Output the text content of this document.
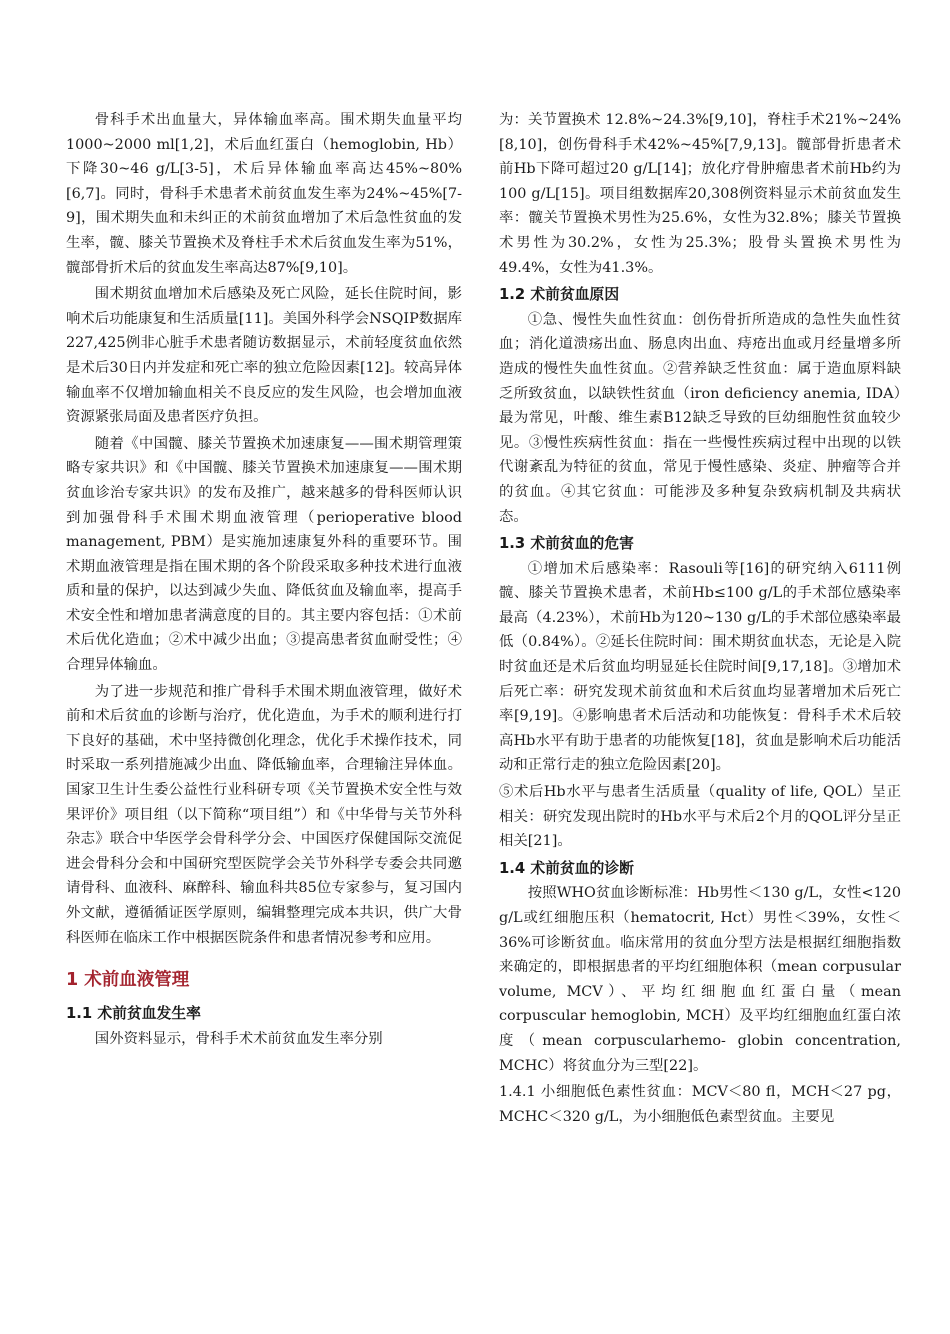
骨科手术出血量大，异体输血率高。围术期失血量平均1000~2000 ml[1,2]，术后血红蛋白（hemoglobin, Hb）下降30~46 g/L[3-5]，术后异体输血率高达45%~80%[6,7]。同时，骨科手术患者术前贫血发生率为24%~45%[7-9]，围术期失血和未纠正的术前贫血增加了术后急性贫血的发生率，髋、膝关节置换术及脊柱手术术后贫血发生率为51%，髋部骨折术后的贫血发生率高达87%[9,10]。

围术期贫血增加术后感染及死亡风险，延长住院时间，影响术后功能康复和生活质量[11]。美国外科学会NSQIP数据库227,425例非心脏手术患者随访数据显示，术前轻度贫血依然是术后30日内并发症和死亡率的独立危险因素[12]。较高异体输血率不仅增加输血相关不良反应的发生风险，也会增加血液资源紧张局面及患者医疗负担。

随着《中国髋、膝关节置换术加速康复——围术期管理策略专家共识》和《中国髋、膝关节置换术加速康复——围术期贫血诊治专家共识》的发布及推广，越来越多的骨科医师认识到加强骨科手术围术期血液管理（perioperative blood management, PBM）是实施加速康复外科的重要环节。围术期血液管理是指在围术期的各个阶段采取多种技术进行血液质和量的保护，以达到减少失血、降低贫血及输血率，提高手术安全性和增加患者满意度的目的。其主要内容包括：①术前术后优化造血；②术中减少出血；③提高患者贫血耐受性；④合理异体输血。

为了进一步规范和推广骨科手术围术期血液管理，做好术前和术后贫血的诊断与治疗，优化造血，为手术的顺利进行打下良好的基础，术中坚持微创化理念，优化手术操作技术，同时采取一系列措施减少出血、降低输血率，合理输注异体血。国家卫生计生委公益性行业科研专项《关节置换术安全性与效果评价》项目组（以下简称“项目组”）和《中华骨与关节外科杂志》联合中华医学会骨科学分会、中国医疗保健国际交流促进会骨科分会和中国研究型医院学会关节外科学专委会共同邀请骨科、血液科、麻醉科、输血科共85位专家参与，复习国内外文献，遵循循证医学原则，编辑整理完成本共识，供广大骨科医师在临床工作中根据医院条件和患者情况参考和应用。

1 术前血液管理
1.1 术前贫血发生率

国外资料显示，骨科手术术前贫血发生率分别

为：关节置换术 12.8%~24.3%[9,10]，脊柱手术21%~24%[8,10]，创伤骨科手术42%~45%[7,9,13]。髋部骨折患者术前Hb下降可超过20 g/L[14]；放化疗骨肿瘤患者术前Hb约为100 g/L[15]。项目组数据库20,308例资料显示术前贫血发生率：髋关节置换术男性为25.6%，女性为32.8%；膝关节置换术男性为30.2%，女性为25.3%；股骨头置换术男性为49.4%，女性为41.3%。

1.2 术前贫血原因

①急、慢性失血性贫血：创伤骨折所造成的急性失血性贫血；消化道溃疡出血、肠息肉出血、痔疮出血或月经量增多所造成的慢性失血性贫血。②营养缺乏性贫血：属于造血原料缺乏所致贫血，以缺铁性贫血（iron deficiency anemia, IDA）最为常见，叶酸、维生素B12缺乏导致的巨幼细胞性贫血较少见。③慢性疾病性贫血：指在一些慢性疾病过程中出现的以铁代谢紊乱为特征的贫血，常见于慢性感染、炎症、肿瘤等合并的贫血。④其它贫血：可能涉及多种复杂致病机制及共病状态。

1.3 术前贫血的危害

①增加术后感染率：Rasouli等[16]的研究纳入6111例髋、膝关节置换术患者，术前Hb≤100 g/L的手术部位感染率最高（4.23%），术前Hb为120~130 g/L的手术部位感染率最低（0.84%）。②延长住院时间：围术期贫血状态，无论是入院时贫血还是术后贫血均明显延长住院时间[9,17,18]。③增加术后死亡率：研究发现术前贫血和术后贫血均显著增加术后死亡率[9,19]。④影响患者术后活动和功能恢复：骨科手术术后较高Hb水平有助于患者的功能恢复[18]，贫血是影响术后功能活动和正常行走的独立危险因素[20]。

⑤术后Hb水平与患者生活质量（quality of life, QOL）呈正相关：研究发现出院时的Hb水平与术后2个月的QOL评分呈正相关[21]。

1.4 术前贫血的诊断

按照WHO贫血诊断标准：Hb男性＜130 g/L，女性<120 g/L或红细胞压积（hematocrit, Hct）男性＜39%，女性＜36%可诊断贫血。临床常用的贫血分型方法是根据红细胞指数来确定的，即根据患者的平均红细胞体积（mean corpusular volume, MCV）、平均红细胞血红蛋白量（mean corpuscular hemoglobin, MCH）及平均红细胞血红蛋白浓度（mean corpuscularhemo- globin concentration, MCHC）将贫血分为三型[22]。

1.4.1 小细胞低色素性贫血：MCV＜80 fl，MCH＜27 pg，MCHC＜320 g/L，为小细胞低色素型贫血。主要见
